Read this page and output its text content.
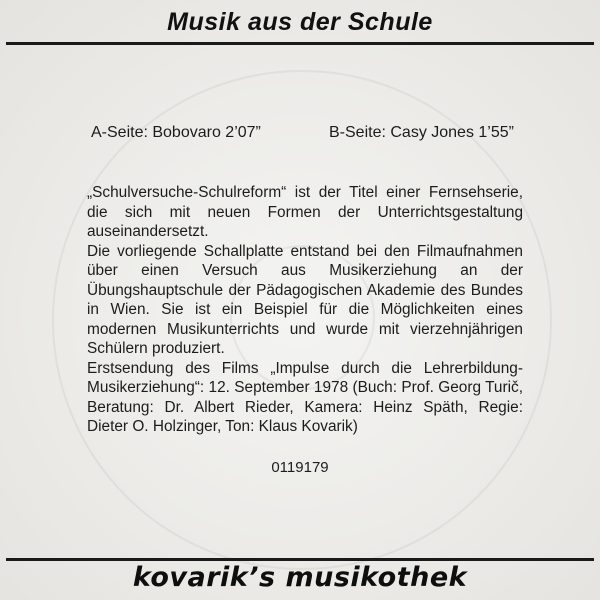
Musik aus der Schule
A-Seite: Bobovaro 2’07”	B-Seite: Casy Jones 1’55”

„Schulversuche-Schulreform“ ist der Titel einer Fernsehserie, die sich mit neuen Formen der Unterrichtsgestaltung auseinandersetzt.

Die vorliegende Schallplatte entstand bei den Filmaufnahmen über einen Versuch aus Musikerziehung an der Übungshauptschule der Pädagogischen Akademie des Bundes in Wien. Sie ist ein Beispiel für die Möglichkeiten eines modernen Musikunterrichts und wurde mit vierzehnjährigen Schülern produziert.

Erstsendung des Films „Impulse durch die Lehrerbildung-Musikerziehung“: 12. September 1978 (Buch: Prof. Georg Turič, Beratung: Dr. Albert Rieder, Kamera: Heinz Späth, Regie: Dieter O. Holzinger, Ton: Klaus Kovarik)

0119179
kovarik’s musikothek
